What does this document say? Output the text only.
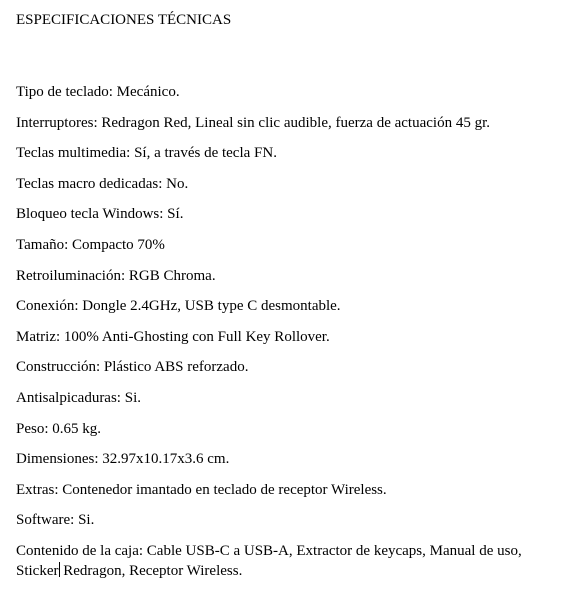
ESPECIFICACIONES TÉCNICAS
Tipo de teclado: Mecánico.
Interruptores: Redragon Red, Lineal sin clic audible, fuerza de actuación 45 gr.
Teclas multimedia: Sí, a través de tecla FN.
Teclas macro dedicadas: No.
Bloqueo tecla Windows: Sí.
Tamaño: Compacto 70%
Retroiluminación: RGB Chroma.
Conexión: Dongle 2.4GHz, USB type C desmontable.
Matriz: 100% Anti-Ghosting con Full Key Rollover.
Construcción: Plástico ABS reforzado.
Antisalpicaduras: Si.
Peso: 0.65 kg.
Dimensiones: 32.97x10.17x3.6 cm.
Extras: Contenedor imantado en teclado de receptor Wireless.
Software: Si.
Contenido de la caja: Cable USB-C a USB-A, Extractor de keycaps, Manual de uso,
Sticker Redragon, Receptor Wireless.
